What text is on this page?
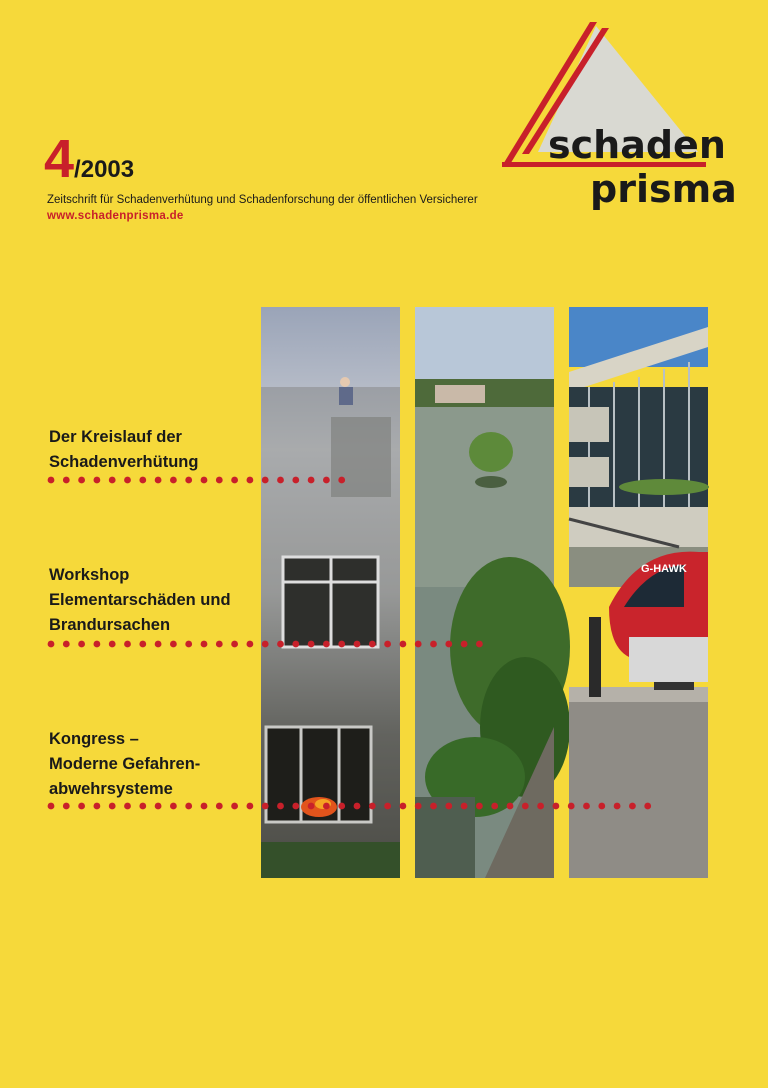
4/2003
Zeitschrift für Schadenverhütung und Schadenforschung der öffentlichen Versicherer
www.schadenprisma.de
schaden
prisma
G-HAWK
Der Kreislauf der
Schadenverhütung
Workshop
Elementarschäden und
Brandursachen
Kongress –
Moderne Gefahren-
abwehrsysteme
